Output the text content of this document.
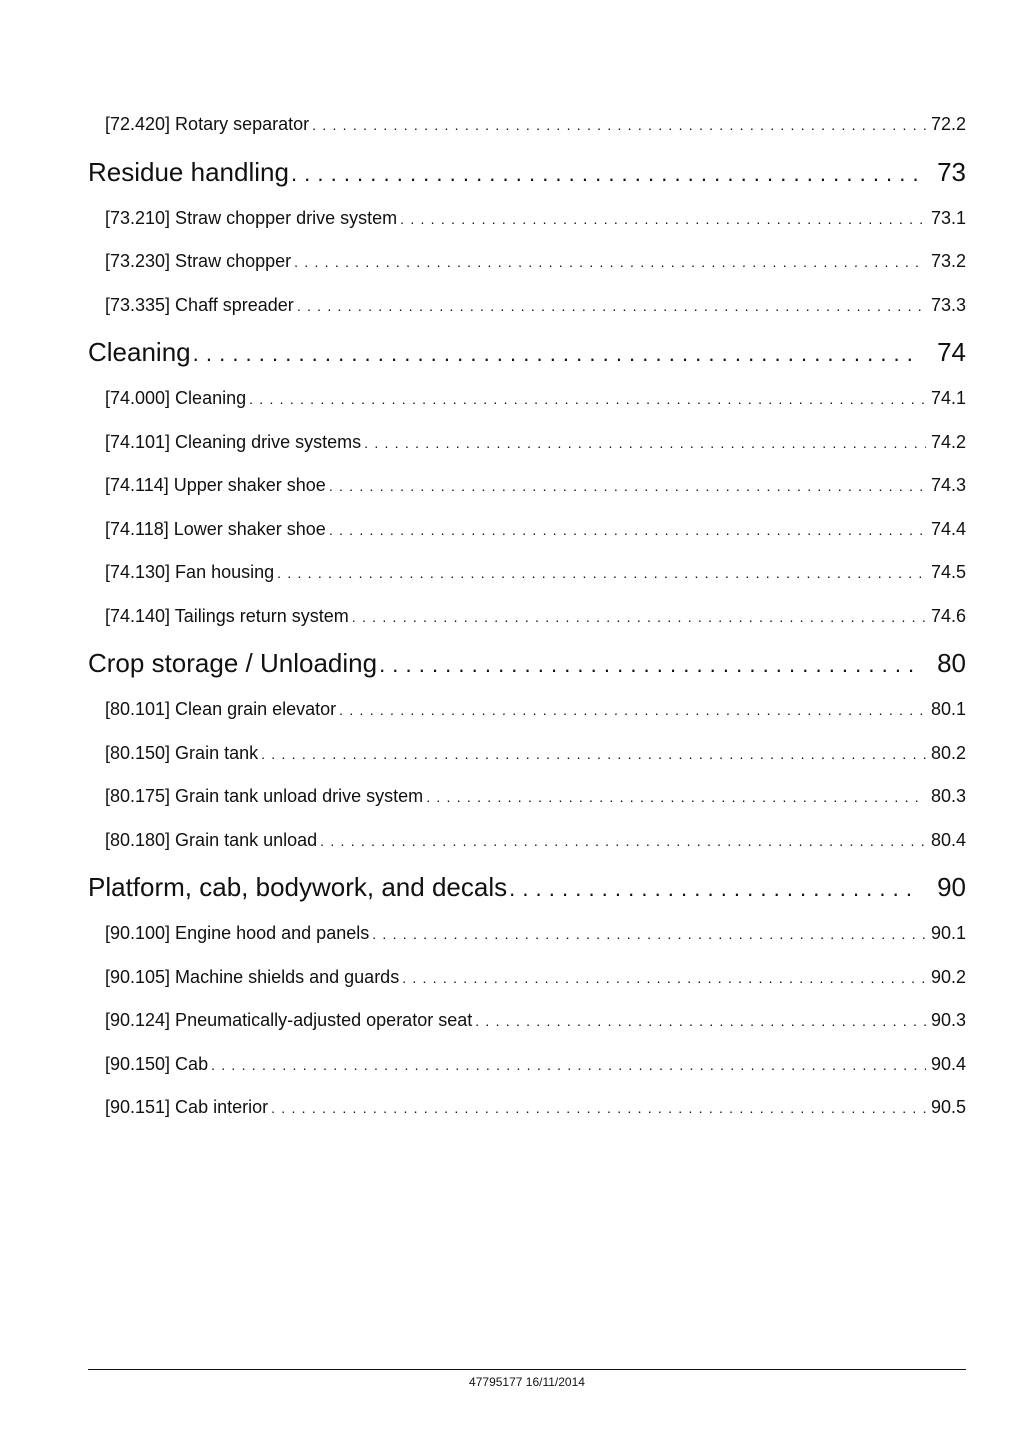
[72.420] Rotary separator . . .	72.2
Residue handling . . .	73
[73.210] Straw chopper drive system . . .	73.1
[73.230] Straw chopper . . .	73.2
[73.335] Chaff spreader . . .	73.3
Cleaning . . .	74
[74.000] Cleaning . . .	74.1
[74.101] Cleaning drive systems . . .	74.2
[74.114] Upper shaker shoe . . .	74.3
[74.118] Lower shaker shoe . . .	74.4
[74.130] Fan housing . . .	74.5
[74.140] Tailings return system . . .	74.6
Crop storage / Unloading . . .	80
[80.101] Clean grain elevator . . .	80.1
[80.150] Grain tank . . .	80.2
[80.175] Grain tank unload drive system . . .	80.3
[80.180] Grain tank unload . . .	80.4
Platform, cab, bodywork, and decals . . .	90
[90.100] Engine hood and panels . . .	90.1
[90.105] Machine shields and guards . . .	90.2
[90.124] Pneumatically-adjusted operator seat . . .	90.3
[90.150] Cab . . .	90.4
[90.151] Cab interior . . .	90.5
47795177 16/11/2014
